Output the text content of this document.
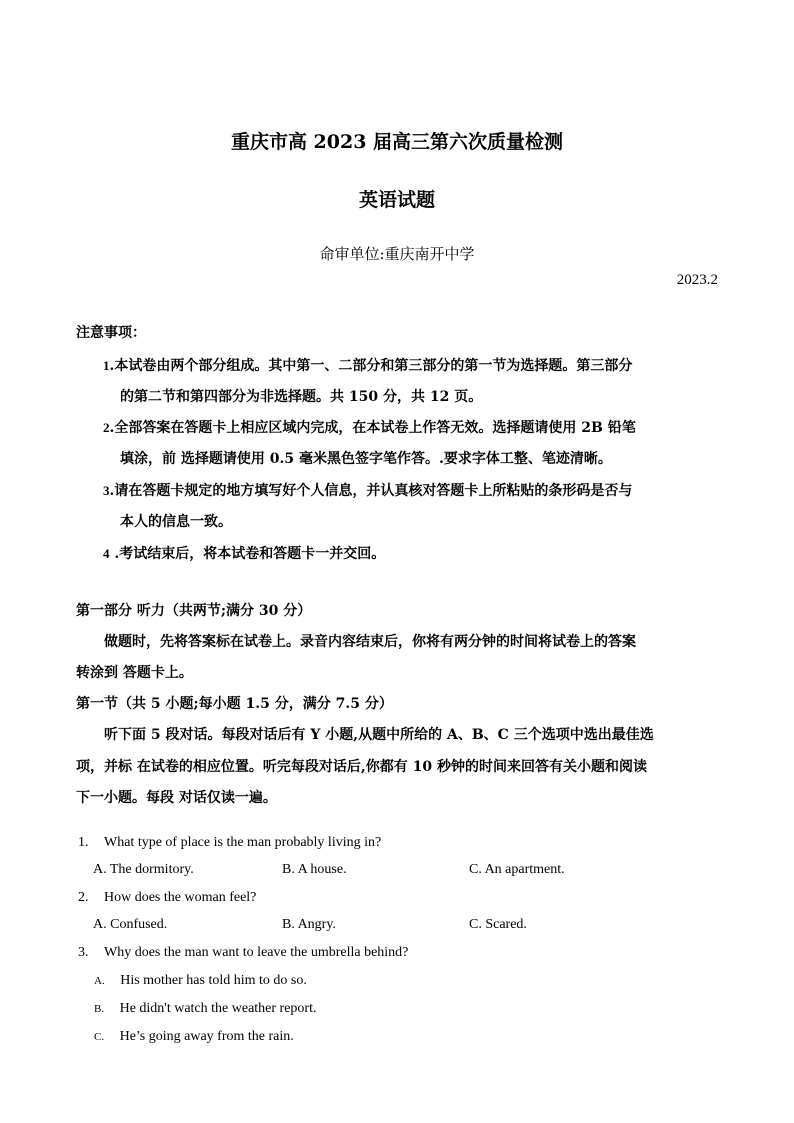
重庆市高 2023 届高三第六次质量检测
英语试题
命审单位:重庆南开中学
2023.2
注意事项：
1.本试卷由两个部分组成。其中第一、二部分和第三部分的第一节为选择题。第三部分
的第二节和第四部分为非选择题。共 150 分，共 12 页。
2.全部答案在答题卡上相应区域内完成，在本试卷上作答无效。选择题请使用 2B 铅笔
填涂，前 选择题请使用 0.5 毫米黑色签字笔作答。.要求字体工整、笔迹清晰。
3.请在答题卡规定的地方填写好个人信息，并认真核对答题卡上所粘贴的条形码是否与
本人的信息一致。
4 .考试结束后，将本试卷和答题卡一并交回。
第一部分 听力（共两节;满分 30 分）
做题时，先将答案标在试卷上。录音内容结束后，你将有两分钟的时间将试卷上的答案
转涂到 答题卡上。
第一节（共 5 小题;每小题 1.5 分，满分 7.5 分）
听下面 5 段对话。每段对话后有 Y 小题,从题中所给的 A、B、C 三个选项中选出最佳选
项，并标 在试卷的相应位置。听完每段对话后,你都有 10 秒钟的时间来回答有关小题和阅读
下一小题。每段 对话仅读一遍。
1. What type of place is the man probably living in?
A. The dormitory.	B. A house.	C. An apartment.
2. How does the woman feel?
A. Confused.	B. Angry.	C. Scared.
3. Why does the man want to leave the umbrella behind?
A. His mother has told him to do so.
B. He didn't watch the weather report.
C. He’s going away from the rain.
